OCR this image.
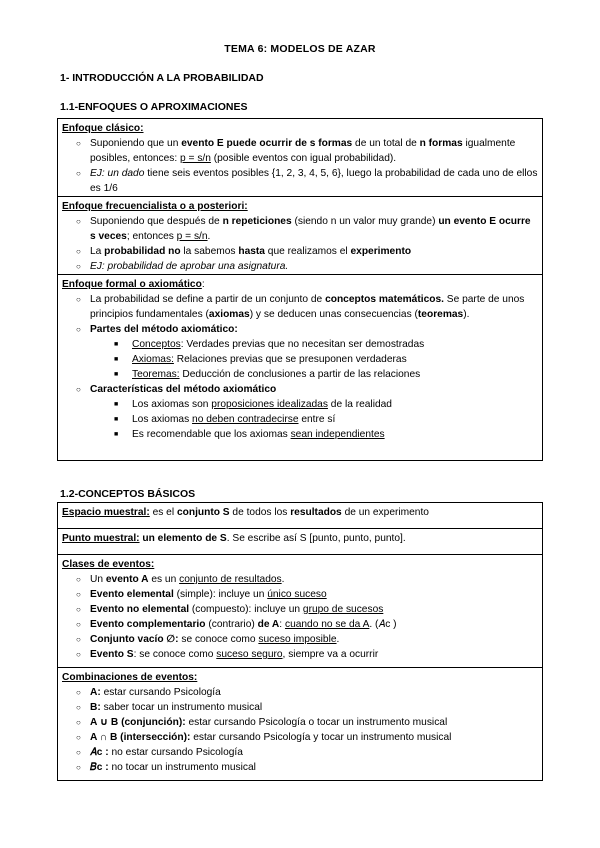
TEMA 6: MODELOS DE AZAR
1- INTRODUCCIÓN A LA PROBABILIDAD
1.1-ENFOQUES O APROXIMACIONES
Enfoque clásico:
○ Suponiendo que un evento E puede ocurrir de s formas de un total de n formas igualmente posibles, entonces: p = s/n (posible eventos con igual probabilidad).
○ EJ: un dado tiene seis eventos posibles {1, 2, 3, 4, 5, 6}, luego la probabilidad de cada uno de ellos es 1/6
Enfoque frecuencialista o a posteriori:
○ Suponiendo que después de n repeticiones (siendo n un valor muy grande) un evento E ocurre s veces; entonces p = s/n.
○ La probabilidad no la sabemos hasta que realizamos el experimento
○ EJ: probabilidad de aprobar una asignatura.
Enfoque formal o axiomático:
○ La probabilidad se define a partir de un conjunto de conceptos matemáticos. Se parte de unos principios fundamentales (axiomas) y se deducen unas consecuencias (teoremas).
○ Partes del método axiomático:
■ Conceptos: Verdades previas que no necesitan ser demostradas
■ Axiomas: Relaciones previas que se presuponen verdaderas
■ Teoremas: Deducción de conclusiones a partir de las relaciones
○ Características del método axiomático
■ Los axiomas son proposiciones idealizadas de la realidad
■ Los axiomas no deben contradecirse entre sí
■ Es recomendable que los axiomas sean independientes
1.2-CONCEPTOS BÁSICOS
Espacio muestral: es el conjunto S de todos los resultados de un experimento
Punto muestral: un elemento de S. Se escribe así S [punto, punto, punto].
Clases de eventos:
○ Un evento A es un conjunto de resultados.
○ Evento elemental (simple): incluye un único suceso
○ Evento no elemental (compuesto): incluye un grupo de sucesos
○ Evento complementario (contrario) de A: cuando no se da A. (𝐴c )
○ Conjunto vacío ∅: se conoce como suceso imposible.
○ Evento S: se conoce como suceso seguro, siempre va a ocurrir
Combinaciones de eventos:
○ A: estar cursando Psicología
○ B: saber tocar un instrumento musical
○ A ∪ B (conjunción): estar cursando Psicología o tocar un instrumento musical
○ A ∩ B (intersección): estar cursando Psicología y tocar un instrumento musical
○ 𝐴c : no estar cursando Psicología
○ 𝐵c : no tocar un instrumento musical
